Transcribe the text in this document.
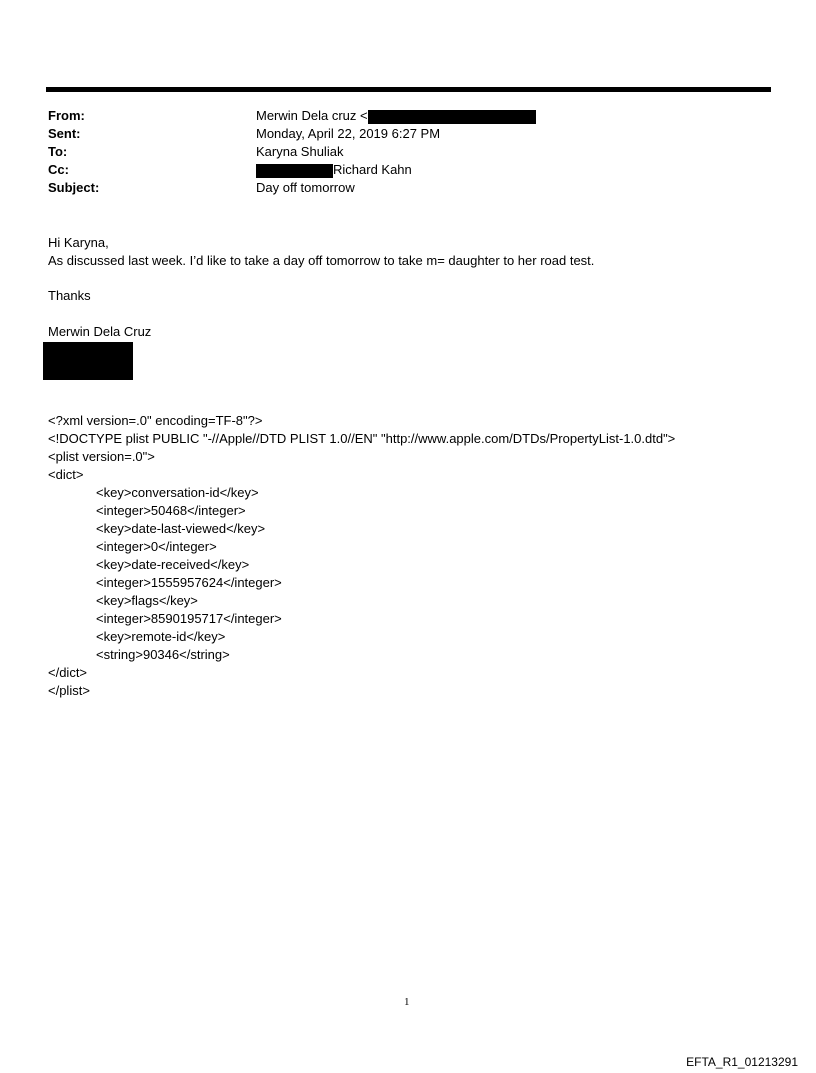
From:	Merwin Dela cruz <
Sent:	Monday, April 22, 2019 6:27 PM
To:	Karyna Shuliak
Cc:	Richard Kahn
Subject:	Day off tomorrow
Hi Karyna,
As discussed last week. I’d like to take a day off tomorrow to take m= daughter to her road test.
Thanks
Merwin Dela Cruz
<?xml version=.0" encoding=TF-8"?>
<!DOCTYPE plist PUBLIC "-//Apple//DTD PLIST 1.0//EN" "http://www.apple.com/DTDs/PropertyList-1.0.dtd">
<plist version=.0">
<dict>
<key>conversation-id</key>
<integer>50468</integer>
<key>date-last-viewed</key>
<integer>0</integer>
<key>date-received</key>
<integer>1555957624</integer>
<key>flags</key>
<integer>8590195717</integer>
<key>remote-id</key>
<string>90346</string>
</dict>
</plist>
1
EFTA_R1_01213291
